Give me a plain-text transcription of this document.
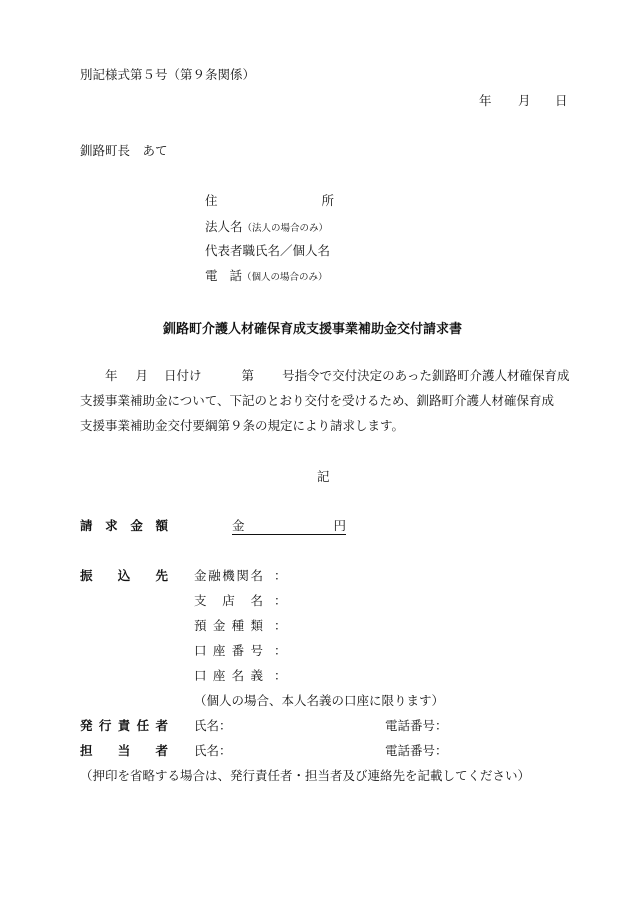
別記様式第５号（第９条関係）
年 月 日
釧路町長　あて
住	所
法人名（法人の場合のみ）
代表者職氏名／個人名
電 話（個人の場合のみ）
釧路町介護人材確保育成支援事業補助金交付請求書
年 月 日付け	第 号指令で交付決定のあった釧路町介護人材確保育成
支援事業補助金について、下記のとおり交付を受けるため、釧路町介護人材確保育成
支援事業補助金交付要綱第９条の規定により請求します。
記
請 求 金 額	金	円
振 込 先 金 融 機 関 名 ：
支 店 名 ：
預 金 種 類 ：
口 座 番 号 ：
口 座 名 義 ：
（個人の場合、本人名義の口座に限ります）
発 行 責 任 者 氏名：	電話番号：
担 当 者 氏名：	電話番号：
（押印を省略する場合は、発行責任者・担当者及び連絡先を記載してください）
